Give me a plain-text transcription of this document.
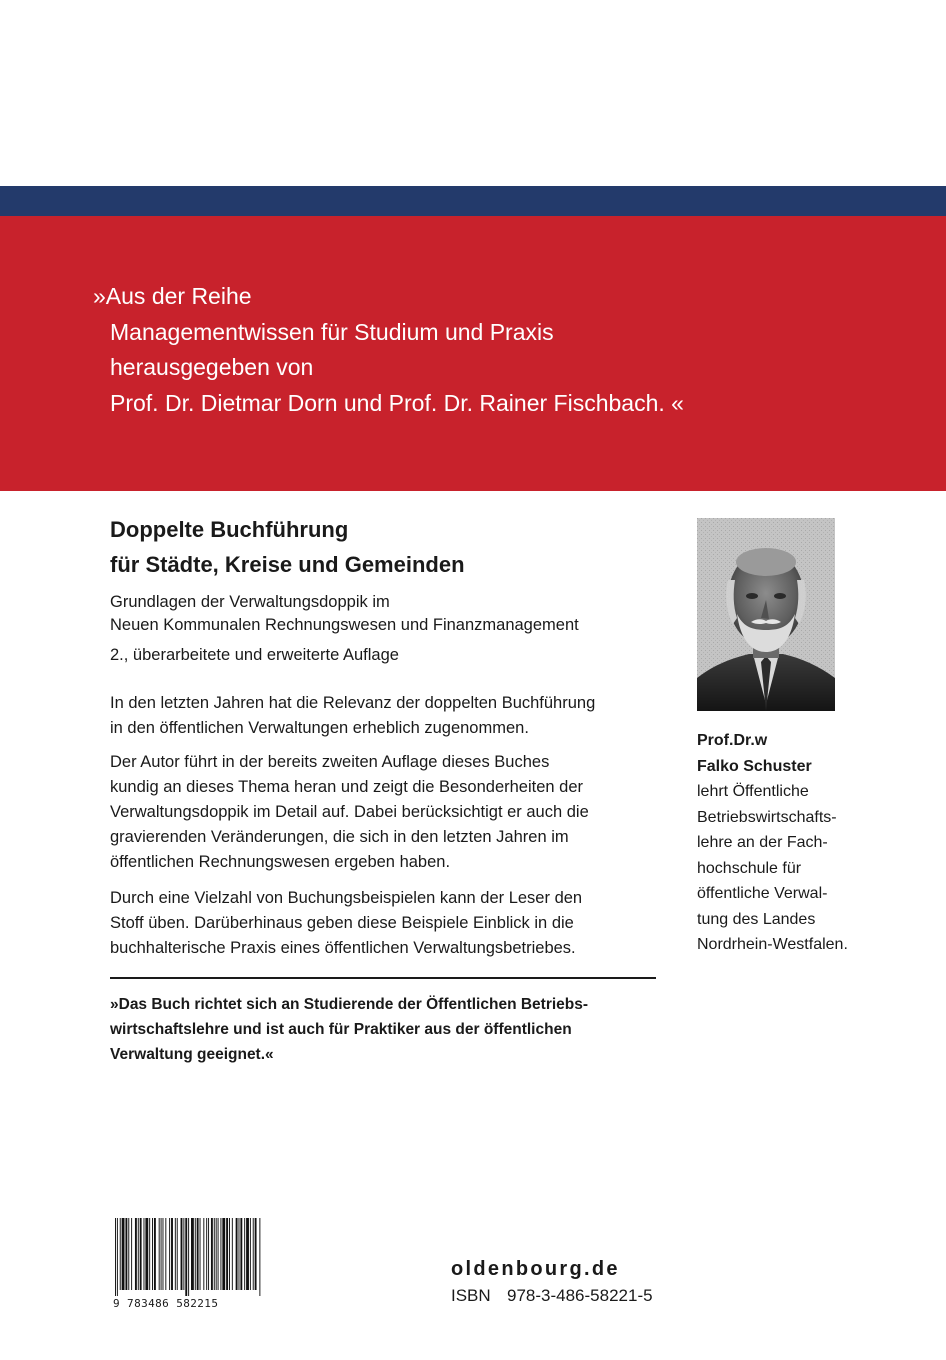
»Aus der Reihe
Managementwissen für Studium und Praxis
herausgegeben von
Prof. Dr. Dietmar Dorn und Prof. Dr. Rainer Fischbach. «
Doppelte Buchführung
für Städte, Kreise und Gemeinden
Grundlagen der Verwaltungsdoppik im
Neuen Kommunalen Rechnungswesen und Finanzmanagement
2., überarbeitete und erweiterte Auflage
In den letzten Jahren hat die Relevanz der doppelten Buchführung
in den öffentlichen Verwaltungen erheblich zugenommen.
Der Autor führt in der bereits zweiten Auflage dieses Buches
kundig an dieses Thema heran und zeigt die Besonderheiten der
Verwaltungsdoppik im Detail auf. Dabei berücksichtigt er auch die
gravierenden Veränderungen, die sich in den letzten Jahren im
öffentlichen Rechnungswesen ergeben haben.
Durch eine Vielzahl von Buchungsbeispielen kann der Leser den
Stoff üben. Darüberhinaus geben diese Beispiele Einblick in die
buchhalterische Praxis eines öffentlichen Verwaltungsbetriebes.
»Das Buch richtet sich an Studierende der Öffentlichen Betriebs-
wirtschaftslehre und ist auch für Praktiker aus der öffentlichen
Verwaltung geeignet.«
Prof.Dr.w
Falko Schuster
lehrt Öffentliche
Betriebswirtschafts-
lehre an der Fach-
hochschule für
öffentliche Verwal-
tung des Landes
Nordrhein-Westfalen.
9 783486 582215
oldenbourg.de
ISBN 978-3-486-58221-5
